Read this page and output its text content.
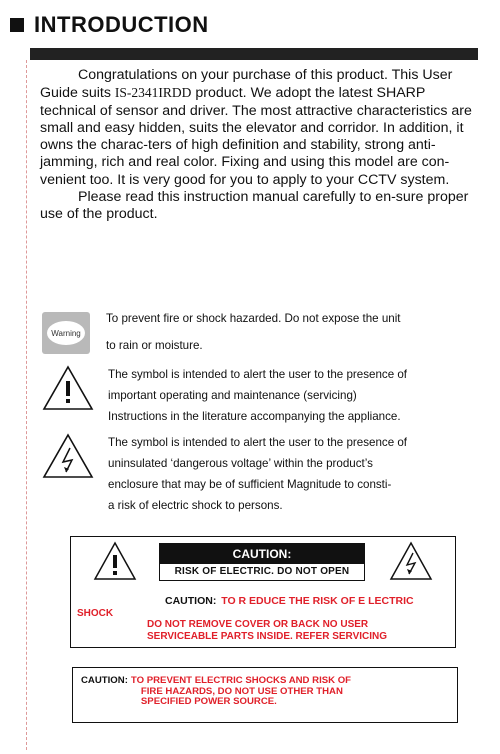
INTRODUCTION

Congratulations on your purchase of this product. This User Guide suits IS-2341IRDD product. We adopt the latest SHARP technical of sensor and driver. The most attractive characteristics are small and easy hidden, suits the elevator and corridor. In addition, it owns the charac-ters of high definition and stability, strong anti-jamming, rich and real color. Fixing and using this model are con-venient too. It is very good for you to apply to your CCTV system.

Please read this instruction manual carefully to en-sure proper use of the product.

Warning
To prevent fire or shock hazarded. Do not expose the unit
to rain or moisture.
The symbol is intended to alert the user to the presence of
important operating and maintenance (servicing)
Instructions in the literature accompanying the appliance.
The symbol is intended to alert the user to the presence of
uninsulated ‘dangerous voltage’ within the product’s
enclosure that may be of sufficient Magnitude to consti-
a risk of electric shock to persons.
CAUTION:
RISK OF ELECTRIC. DO NOT OPEN
CAUTION: TO R EDUCE THE RISK OF E LECTRIC
SHOCK
DO NOT REMOVE COVER OR BACK NO USER
SERVICEABLE PARTS INSIDE. REFER SERVICING
CAUTION: TO PREVENT ELECTRIC SHOCKS AND RISK OF
FIRE HAZARDS, DO NOT USE OTHER THAN
SPECIFIED POWER SOURCE.
